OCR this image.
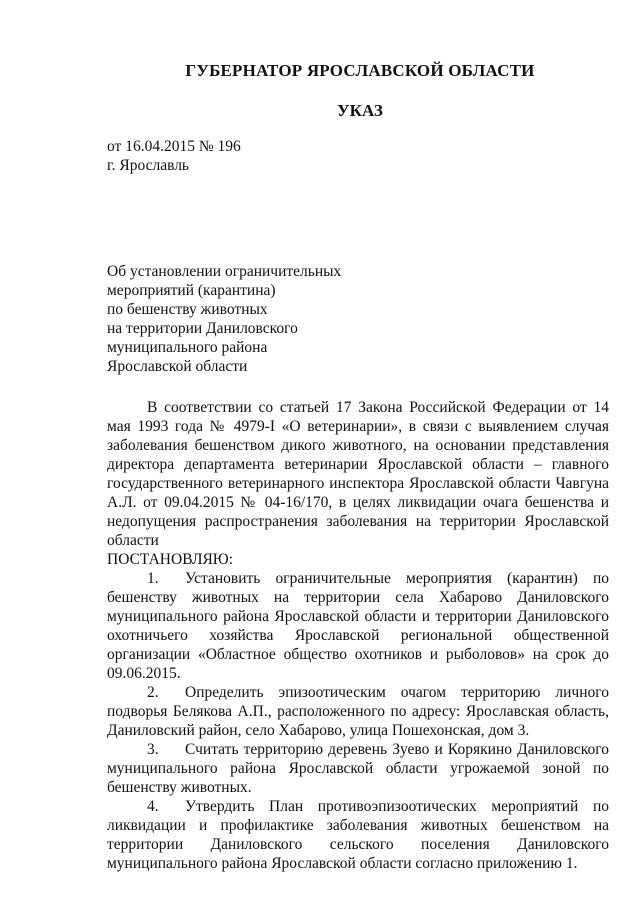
ГУБЕРНАТОР ЯРОСЛАВСКОЙ ОБЛАСТИ
УКАЗ
от 16.04.2015 № 196
г. Ярославль
Об установлении ограничительных
мероприятий (карантина)
по бешенству животных
на территории Даниловского
муниципального района
Ярославской области

В соответствии со статьей 17 Закона Российской Федерации от 14 мая 1993 года № 4979-I «О ветеринарии», в связи с выявлением случая заболевания бешенством дикого животного, на основании представления директора департамента ветеринарии Ярославской области – главного государственного ветеринарного инспектора Ярославской области Чавгуна А.Л. от 09.04.2015 № 04-16/170, в целях ликвидации очага бешенства и недопущения распространения заболевания на территории Ярославской области

ПОСТАНОВЛЯЮ:

1. Установить ограничительные мероприятия (карантин) по бешенству животных на территории села Хабарово Даниловского муниципального района Ярославской области и территории Даниловского охотничьего хозяйства Ярославской региональной общественной организации «Областное общество охотников и рыболовов» на срок до 09.06.2015.

2. Определить эпизоотическим очагом территорию личного подворья Белякова А.П., расположенного по адресу: Ярославская область, Даниловский район, село Хабарово, улица Пошехонская, дом 3.

3. Считать территорию деревень Зуево и Корякино Даниловского муниципального района Ярославской области угрожаемой зоной по бешенству животных.

4. Утвердить План противоэпизоотических мероприятий по ликвидации и профилактике заболевания животных бешенством на территории Даниловского сельского поселения Даниловского муниципального района Ярославской области согласно приложению 1.
